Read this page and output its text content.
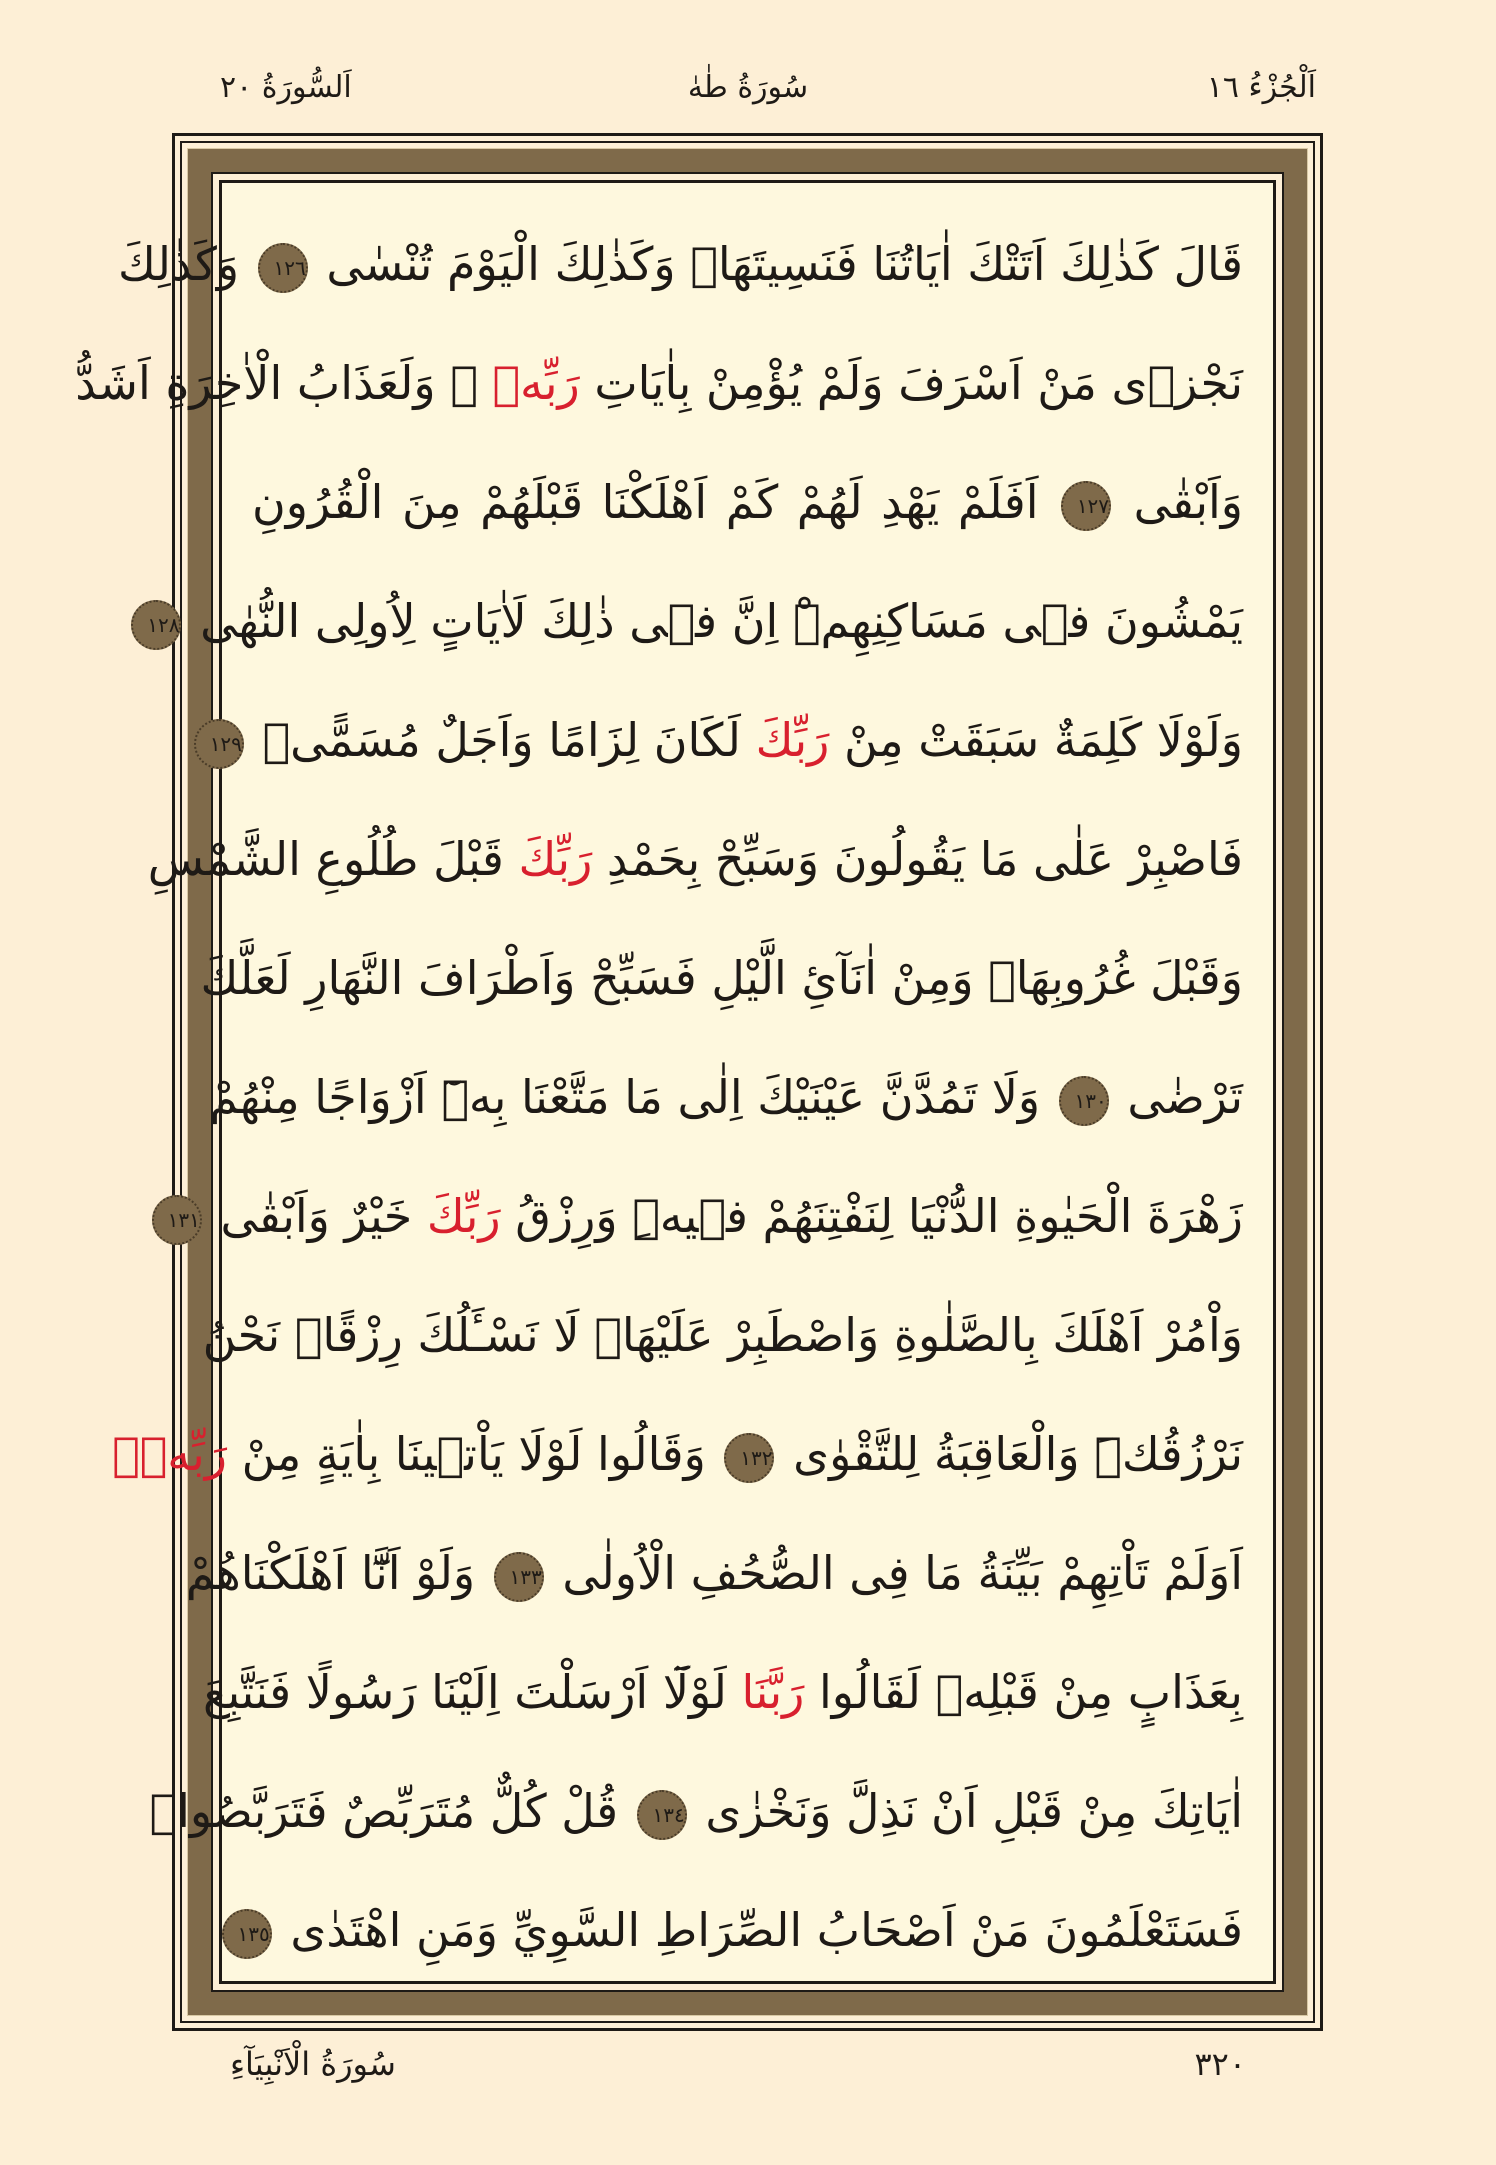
اَلْجُزْءُ ١٦
سُورَةُ طٰهٰ
اَلسُّورَةُ ٢٠
قَالَ كَذٰلِكَ اَتَتْكَ اٰيَاتُنَا فَنَسِيتَهَاۚ وَكَذٰلِكَ الْيَوْمَ تُنْسٰى ١٢٦ وَكَذٰلِكَ
نَجْزٖى مَنْ اَسْرَفَ وَلَمْ يُؤْمِنْ بِاٰيَاتِ رَبِّهٖ ۜ وَلَعَذَابُ الْاٰخِرَةِ اَشَدُّ
وَاَبْقٰى ١٢٧ اَفَلَمْ يَهْدِ لَهُمْ كَمْ اَهْلَكْنَا قَبْلَهُمْ مِنَ الْقُرُونِ
يَمْشُونَ فٖى مَسَاكِنِهِمْۜ اِنَّ فٖى ذٰلِكَ لَاٰيَاتٍ لِاُولِى النُّهٰى ١٢٨
وَلَوْلَا كَلِمَةٌ سَبَقَتْ مِنْ رَبِّكَ لَكَانَ لِزَامًا وَاَجَلٌ مُسَمًّىۜ ١٢٩
فَاصْبِرْ عَلٰى مَا يَقُولُونَ وَسَبِّحْ بِحَمْدِ رَبِّكَ قَبْلَ طُلُوعِ الشَّمْسِ
وَقَبْلَ غُرُوبِهَاۚ وَمِنْ اٰنَآئِ الَّيْلِ فَسَبِّحْ وَاَطْرَافَ النَّهَارِ لَعَلَّكَ
تَرْضٰى ١٣٠ وَلَا تَمُدَّنَّ عَيْنَيْكَ اِلٰى مَا مَتَّعْنَا بِهٖٓ اَزْوَاجًا مِنْهُمْ
زَهْرَةَ الْحَيٰوةِ الدُّنْيَا لِنَفْتِنَهُمْ فٖيهِۜ وَرِزْقُ رَبِّكَ خَيْرٌ وَاَبْقٰى ١٣١
وَاْمُرْ اَهْلَكَ بِالصَّلٰوةِ وَاصْطَبِرْ عَلَيْهَاۜ لَا نَسْـَٔلُكَ رِزْقًاۜ نَحْنُ
نَرْزُقُكَۜ وَالْعَاقِبَةُ لِلتَّقْوٰى ١٣٢ وَقَالُوا لَوْلَا يَاْتٖينَا بِاٰيَةٍ مِنْ رَبِّهٖۜ
اَوَلَمْ تَاْتِهِمْ بَيِّنَةُ مَا فِى الصُّحُفِ الْاُولٰى ١٣٣ وَلَوْ اَنَّٓا اَهْلَكْنَاهُمْ
بِعَذَابٍ مِنْ قَبْلِهٖ لَقَالُوا رَبَّنَا لَوْلَٓا اَرْسَلْتَ اِلَيْنَا رَسُولًا فَنَتَّبِعَ
اٰيَاتِكَ مِنْ قَبْلِ اَنْ نَذِلَّ وَنَخْزٰى ١٣٤ قُلْ كُلٌّ مُتَرَبِّصٌ فَتَرَبَّصُواۚ
فَسَتَعْلَمُونَ مَنْ اَصْحَابُ الصِّرَاطِ السَّوِيِّ وَمَنِ اهْتَدٰى ١٣٥
٣٢٠
سُورَةُ الْاَنْبِيَآءِ
